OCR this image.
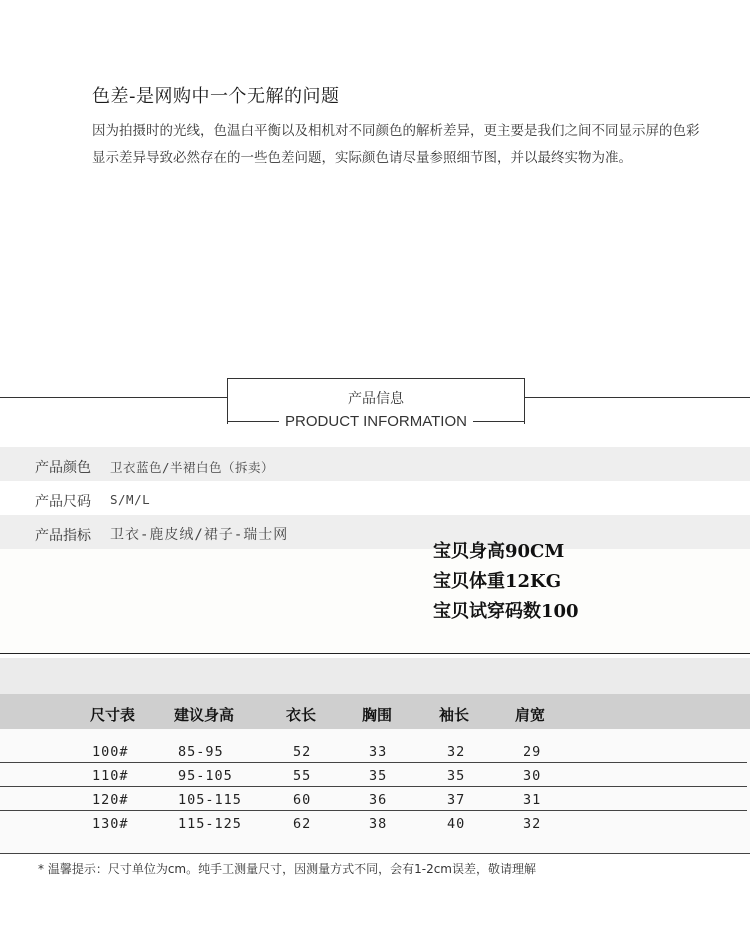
色差-是网购中一个无解的问题
因为拍摄时的光线，色温白平衡以及相机对不同颜色的解析差异，更主要是我们之间不同显示屏的色彩显示差异导致必然存在的一些色差问题，实际颜色请尽量参照细节图，并以最终实物为准。
产品信息
PRODUCT INFORMATION
产品颜色 卫衣蓝色/半裙白色（拆卖）
产品尺码 S/M/L
产品指标 卫衣-鹿皮绒/裙子-瑞士网
宝贝身高90CM
宝贝体重12KG
宝贝试穿码数100
尺寸表	建议身高	衣长	胸围	袖长	肩宽
100#	85-95	52	33	32	29
110#	95-105	55	35	35	30
120#	105-115	60	36	37	31
130#	115-125	62	38	40	32
* 温馨提示：尺寸单位为cm。纯手工测量尺寸，因测量方式不同，会有1-2cm误差，敬请理解
